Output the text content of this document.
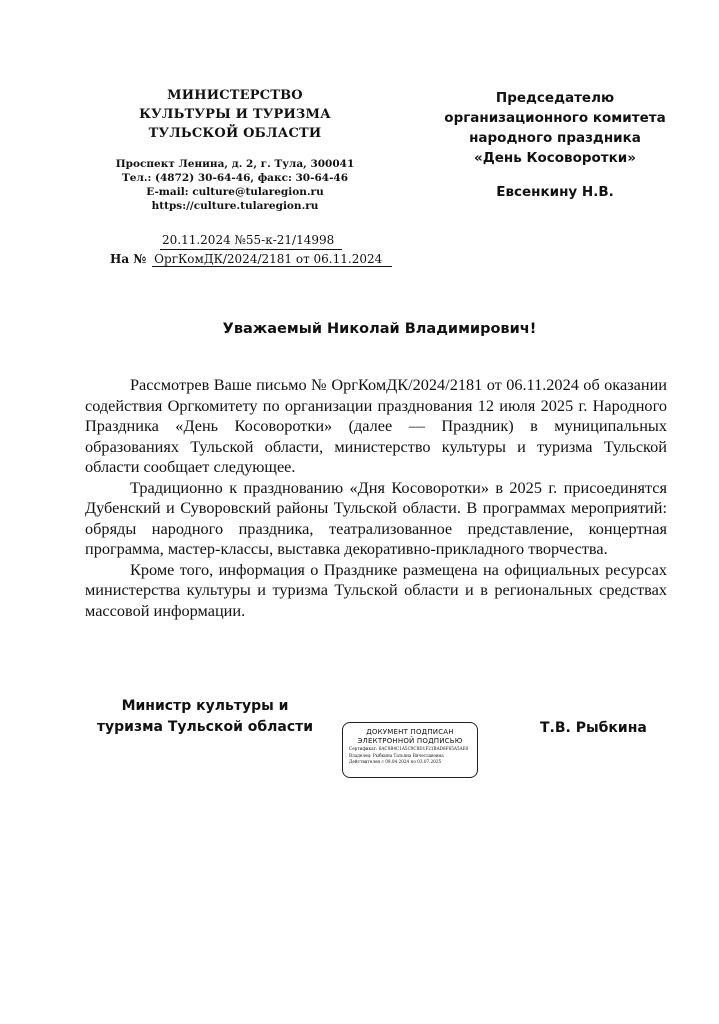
МИНИСТЕРСТВО
КУЛЬТУРЫ И ТУРИЗМА
ТУЛЬСКОЙ ОБЛАСТИ
Проспект Ленина, д. 2, г. Тула, 300041
Тел.: (4872) 30-64-46, факс: 30-64-46
E-mail: culture@tularegion.ru
https://culture.tularegion.ru
20.11.2024 №55-к-21/14998
На № ОргКомДК/2024/2181 от 06.11.2024
Председателю
организационного комитета
народного праздника
«День Косоворотки»
Евсенкину Н.В.
Уважаемый Николай Владимирович!

Рассмотрев Ваше письмо № ОргКомДК/2024/2181 от 06.11.2024 об оказании содействия Оргкомитету по организации празднования 12 июля 2025 г. Народного Праздника «День Косоворотки» (далее — Праздник) в муниципальных образованиях Тульской области, министерство культуры и туризма Тульской области сообщает следующее.

Традиционно к празднованию «Дня Косоворотки» в 2025 г. присоединятся Дубенский и Суворовский районы Тульской области. В программах мероприятий: обряды народного праздника, театрализованное представление, концертная программа, мастер-классы, выставка декоративно-прикладного творчества.

Кроме того, информация о Празднике размещена на официальных ресурсах министерства культуры и туризма Тульской области и в региональных средствах массовой информации.

Министр культуры и
туризма Тульской области	ДОКУМЕНТ ПОДПИСАН
ЭЛЕКТРОННОЙ ПОДПИСЬЮ
Сертификат: 6AC0B4C1A5C9C8D1F21BAD8F65A5AE0
Владелец: Рыбкина Татьяна Вячеславовна
Действителен с 09.04.2024 по 03.07.2025
Т.В. Рыбкина
